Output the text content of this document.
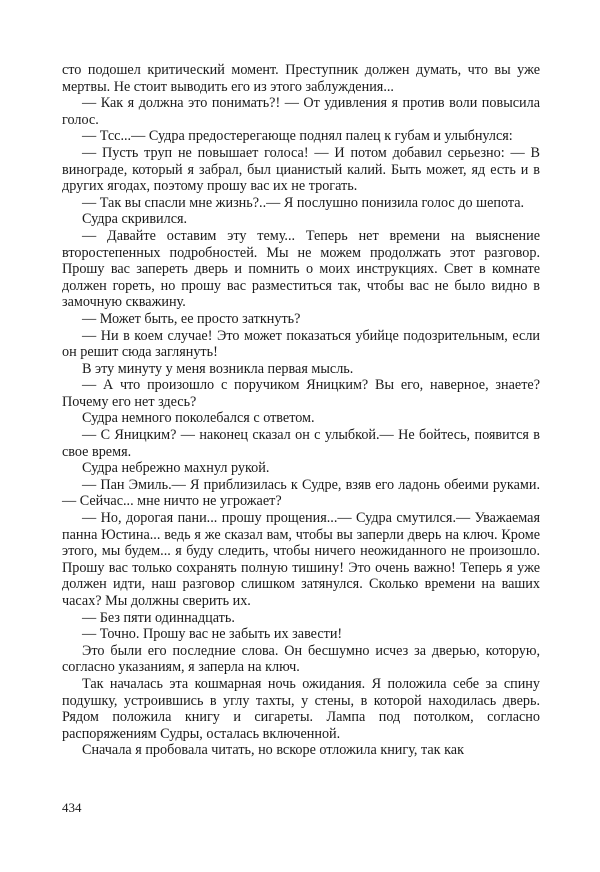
сто подошел критический момент. Преступник должен думать, что вы уже мертвы. Не стоит выводить его из этого заблуждения...

— Как я должна это понимать?! — От удивления я против воли повысила голос.

— Тсс...— Судра предостерегающе поднял палец к губам и улыбнулся:

— Пусть труп не повышает голоса! — И потом добавил серьезно: — В винограде, который я забрал, был цианистый калий. Быть может, яд есть и в других ягодах, поэтому прошу вас их не трогать.

— Так вы спасли мне жизнь?..— Я послушно понизила голос до шепота.

Судра скривился.

— Давайте оставим эту тему... Теперь нет времени на выяснение второстепенных подробностей. Мы не можем продолжать этот разговор. Прошу вас запереть дверь и помнить о моих инструкциях. Свет в комнате должен гореть, но прошу вас разместиться так, чтобы вас не было видно в замочную скважину.

— Может быть, ее просто заткнуть?

— Ни в коем случае! Это может показаться убийце подозрительным, если он решит сюда заглянуть!

В эту минуту у меня возникла первая мысль.

— А что произошло с поручиком Яницким? Вы его, наверное, знаете? Почему его нет здесь?

Судра немного поколебался с ответом.

— С Яницким? — наконец сказал он с улыбкой.— Не бойтесь, появится в свое время.

Судра небрежно махнул рукой.

— Пан Эмиль.— Я приблизилась к Судре, взяв его ладонь обеими руками.— Сейчас... мне ничто не угрожает?

— Но, дорогая пани... прошу прощения...— Судра смутился.— Уважаемая панна Юстина... ведь я же сказал вам, чтобы вы заперли дверь на ключ. Кроме этого, мы будем... я буду следить, чтобы ничего неожиданного не произошло. Прошу вас только сохранять полную тишину! Это очень важно! Теперь я уже должен идти, наш разговор слишком затянулся. Сколько времени на ваших часах? Мы должны сверить их.

— Без пяти одиннадцать.

— Точно. Прошу вас не забыть их завести!

Это были его последние слова. Он бесшумно исчез за дверью, которую, согласно указаниям, я заперла на ключ.

Так началась эта кошмарная ночь ожидания. Я положила себе за спину подушку, устроившись в углу тахты, у стены, в которой находилась дверь. Рядом положила книгу и сигареты. Лампа под потолком, согласно распоряжениям Судры, осталась включенной.

Сначала я пробовала читать, но вскоре отложила книгу, так как

434
